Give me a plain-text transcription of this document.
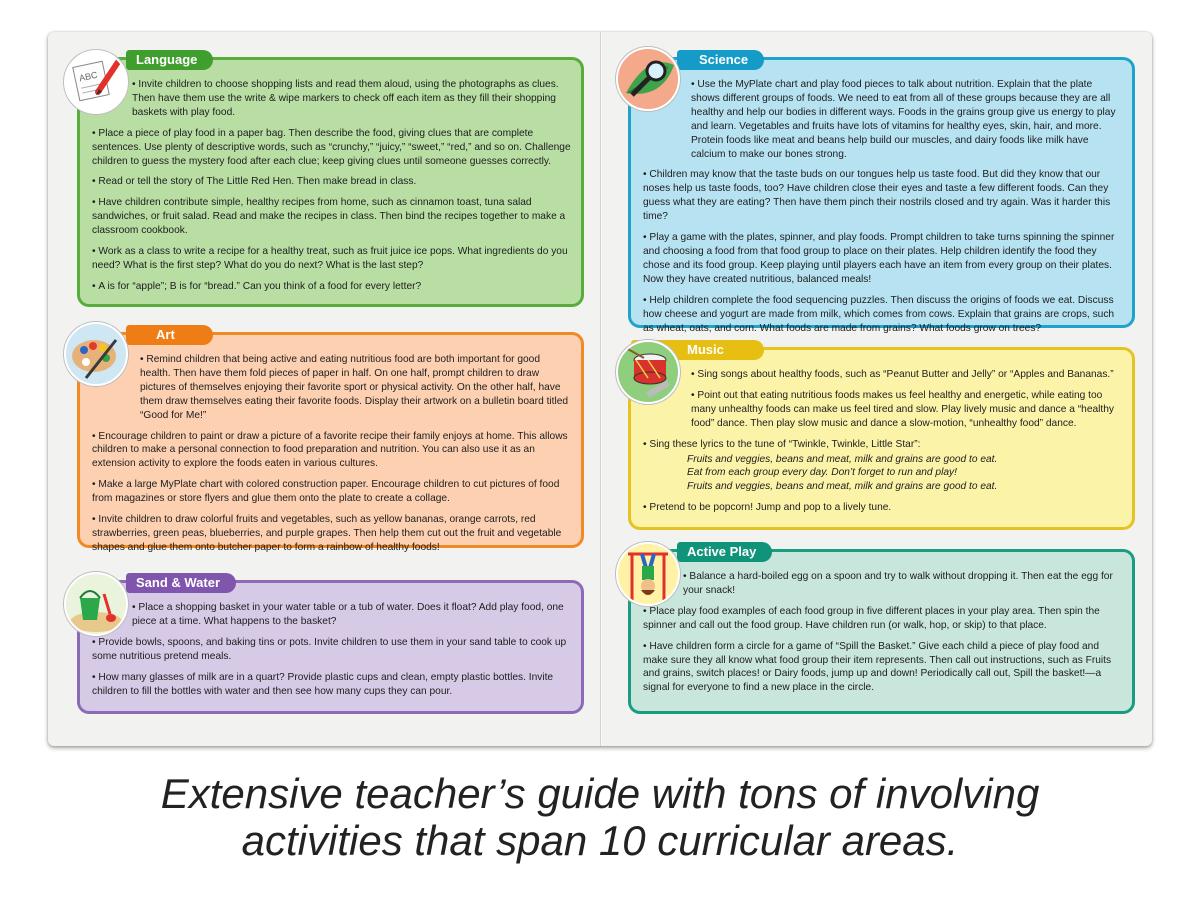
Language

• Invite children to choose shopping lists and read them aloud, using the photographs as clues. Then have them use the write & wipe markers to check off each item as they fill their shopping baskets with play food.

• Place a piece of play food in a paper bag. Then describe the food, giving clues that are complete sentences. Use plenty of descriptive words, such as “crunchy,” “juicy,” “sweet,” “red,” and so on. Challenge children to guess the mystery food after each clue; keep giving clues until someone guesses correctly.

• Read or tell the story of The Little Red Hen. Then make bread in class.

• Have children contribute simple, healthy recipes from home, such as cinnamon toast, tuna salad sandwiches, or fruit salad. Read and make the recipes in class. Then bind the recipes together to make a classroom cookbook.

• Work as a class to write a recipe for a healthy treat, such as fruit juice ice pops. What ingredients do you need? What is the first step? What do you do next? What is the last step?

• A is for “apple”; B is for “bread.” Can you think of a food for every letter?

ABC
Art

• Remind children that being active and eating nutritious food are both important for good health. Then have them fold pieces of paper in half. On one half, prompt children to draw pictures of themselves enjoying their favorite sport or physical activity. On the other half, have them draw themselves eating their favorite foods. Display their artwork on a bulletin board titled “Good for Me!”

• Encourage children to paint or draw a picture of a favorite recipe their family enjoys at home. This allows children to make a personal connection to food preparation and nutrition. You can also use it as an extension activity to explore the foods eaten in various cultures.

• Make a large MyPlate chart with colored construction paper. Encourage children to cut pictures of food from magazines or store flyers and glue them onto the plate to create a collage.

• Invite children to draw colorful fruits and vegetables, such as yellow bananas, orange carrots, red strawberries, green peas, blueberries, and purple grapes. Then help them cut out the fruit and vegetable shapes and glue them onto butcher paper to form a rainbow of healthy foods!

Sand & Water

• Place a shopping basket in your water table or a tub of water. Does it float? Add play food, one piece at a time. What happens to the basket?

• Provide bowls, spoons, and baking tins or pots. Invite children to use them in your sand table to cook up some nutritious pretend meals.

• How many glasses of milk are in a quart? Provide plastic cups and clean, empty plastic bottles. Invite children to fill the bottles with water and then see how many cups they can pour.

Science

• Use the MyPlate chart and play food pieces to talk about nutrition. Explain that the plate shows different groups of foods. We need to eat from all of these groups because they are all healthy and help our bodies in different ways. Foods in the grains group give us energy to play and learn. Vegetables and fruits have lots of vitamins for healthy eyes, skin, hair, and more. Protein foods like meat and beans help build our muscles, and dairy foods like milk have calcium to make our bones strong.

• Children may know that the taste buds on our tongues help us taste food. But did they know that our noses help us taste foods, too? Have children close their eyes and taste a few different foods. Can they guess what they are eating? Then have them pinch their nostrils closed and try again. Was it harder this time?

• Play a game with the plates, spinner, and play foods. Prompt children to take turns spinning the spinner and choosing a food from that food group to place on their plates. Help children identify the food they chose and its food group. Keep playing until players each have an item from every group on their plates. Now they have created nutritious, balanced meals!

• Help children complete the food sequencing puzzles. Then discuss the origins of foods we eat. Discuss how cheese and yogurt are made from milk, which comes from cows. Explain that grains are crops, such as wheat, oats, and corn. What foods are made from grains? What foods grow on trees?

Music

• Sing songs about healthy foods, such as “Peanut Butter and Jelly” or “Apples and Bananas.”

• Point out that eating nutritious foods makes us feel healthy and energetic, while eating too many unhealthy foods can make us feel tired and slow. Play lively music and dance a “healthy food” dance. Then play slow music and dance a slow-motion, “unhealthy food” dance.

• Sing these lyrics to the tune of “Twinkle, Twinkle, Little Star”:

Fruits and veggies, beans and meat, milk and grains are good to eat.

Eat from each group every day. Don’t forget to run and play!

Fruits and veggies, beans and meat, milk and grains are good to eat.

• Pretend to be popcorn! Jump and pop to a lively tune.

Active Play

• Balance a hard-boiled egg on a spoon and try to walk without dropping it. Then eat the egg for your snack!

• Place play food examples of each food group in five different places in your play area. Then spin the spinner and call out the food group. Have children run (or walk, hop, or skip) to that place.

• Have children form a circle for a game of “Spill the Basket.” Give each child a piece of play food and make sure they all know what food group their item represents. Then call out instructions, such as Fruits and grains, switch places! or Dairy foods, jump up and down! Periodically call out, Spill the basket!—a signal for everyone to find a new place in the circle.

Extensive teacher’s guide with tons of involving
activities that span 10 curricular areas.
